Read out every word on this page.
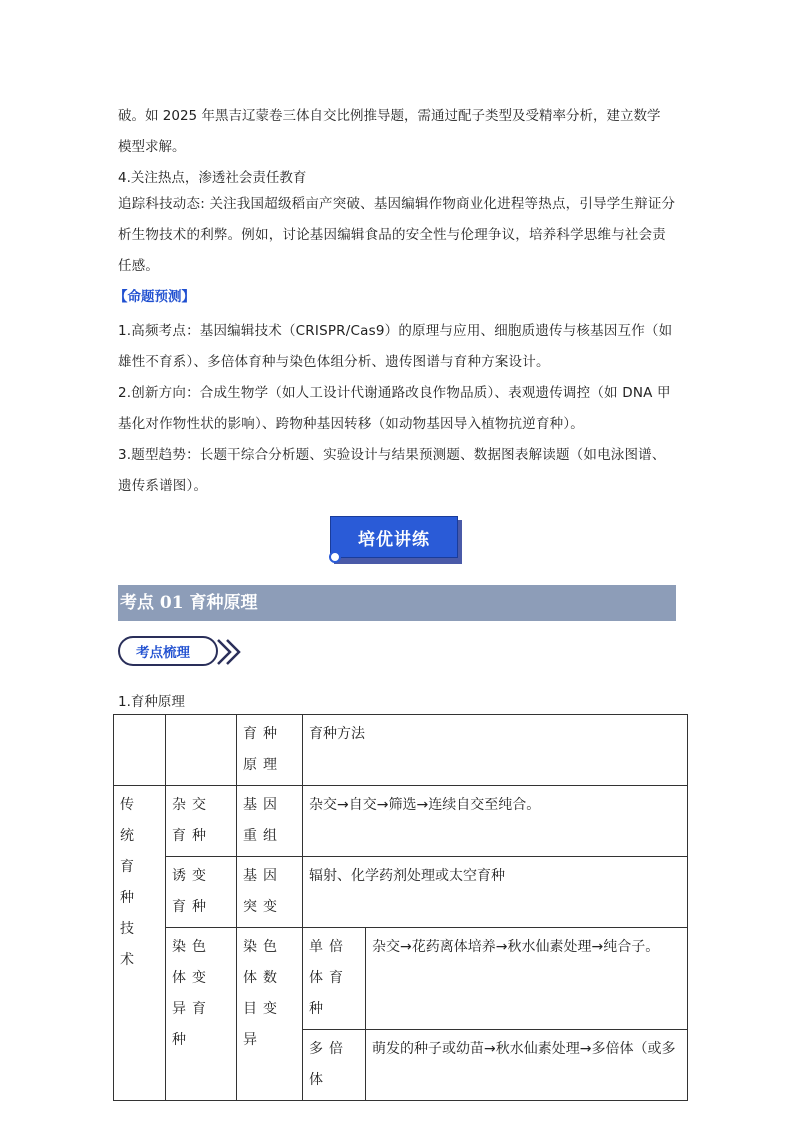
破。如 2025 年黑吉辽蒙卷三体自交比例推导题，需通过配子类型及受精率分析，建立数学
模型求解。
4.关注热点，渗透社会责任教育
追踪科技动态: 关注我国超级稻亩产突破、基因编辑作物商业化进程等热点，引导学生辩证分析生物技术的利弊。例如，讨论基因编辑食品的安全性与伦理争议，培养科学思维与社会责任感。
【命题预测】
1.高频考点：基因编辑技术（CRISPR/Cas9）的原理与应用、细胞质遗传与核基因互作（如雄性不育系）、多倍体育种与染色体组分析、遗传图谱与育种方案设计。
2.创新方向：合成生物学（如人工设计代谢通路改良作物品质）、表观遗传调控（如 DNA 甲基化对作物性状的影响）、跨物种基因转移（如动物基因导入植物抗逆育种）。
3.题型趋势：长题干综合分析题、实验设计与结果预测题、数据图表解读题（如电泳图谱、遗传系谱图）。
培优讲练
考点 01 育种原理
考点梳理
1.育种原理
		育种原理	育种方法	
传统育种技术	杂交育种	基因重组	杂交→自交→筛选→连续自交至纯合。	
	诱变育种	基因突变	辐射、化学药剂处理或太空育种	
	染色体变异育种	染色体数目变异	单倍体育种	杂交→花药离体培养→秋水仙素处理→纯合子。
			多倍体	萌发的种子或幼苗→秋水仙素处理→多倍体（或多
